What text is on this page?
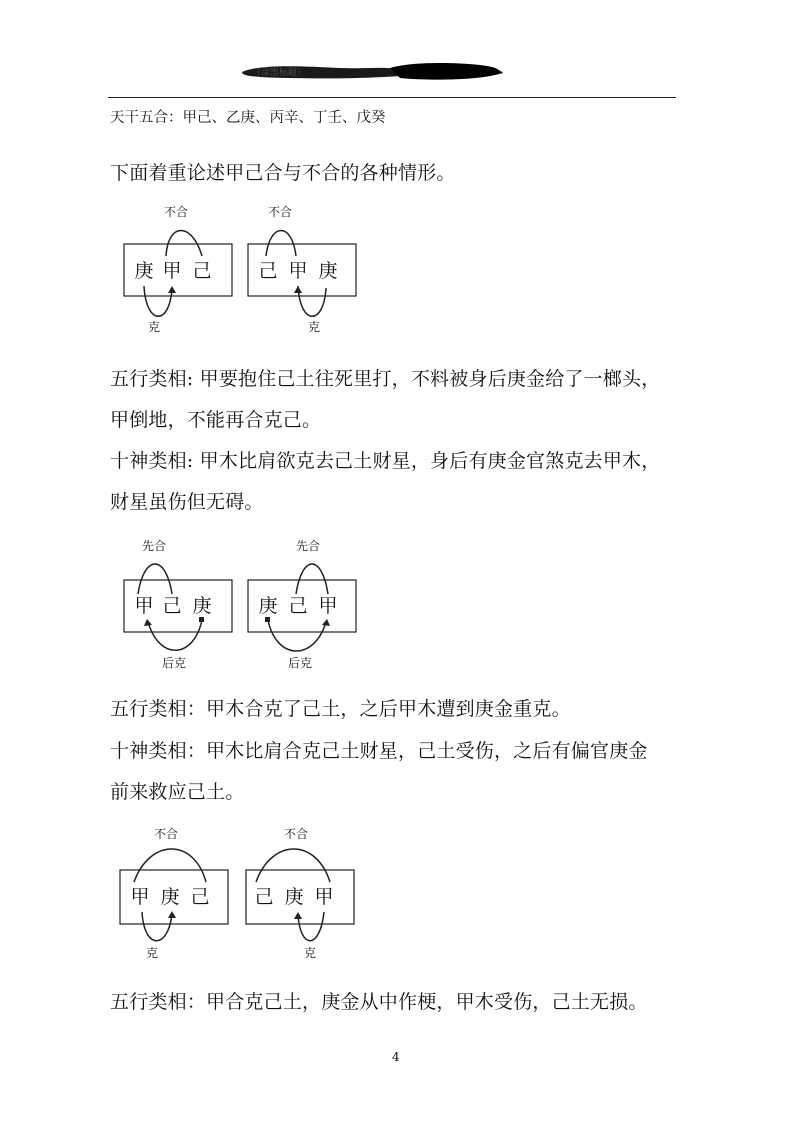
（涂黑标题）
天干五合：甲己、乙庚、丙辛、丁壬、戊癸
下面着重论述甲己合与不合的各种情形。
不合
庚 甲 己
克
不合
己 甲 庚
克
五行类相: 甲要抱住己土往死里打，不料被身后庚金给了一榔头，
甲倒地，不能再合克己。
十神类相: 甲木比肩欲克去己土财星，身后有庚金官煞克去甲木，
财星虽伤但无碍。
先合
甲 己 庚
后克
先合
庚 己 甲
后克
五行类相：甲木合克了己土，之后甲木遭到庚金重克。
十神类相：甲木比肩合克己土财星，己土受伤，之后有偏官庚金
前来救应己土。
不合
甲 庚 己
克
不合
己 庚 甲
克
五行类相：甲合克己土，庚金从中作梗，甲木受伤，己土无损。
4
